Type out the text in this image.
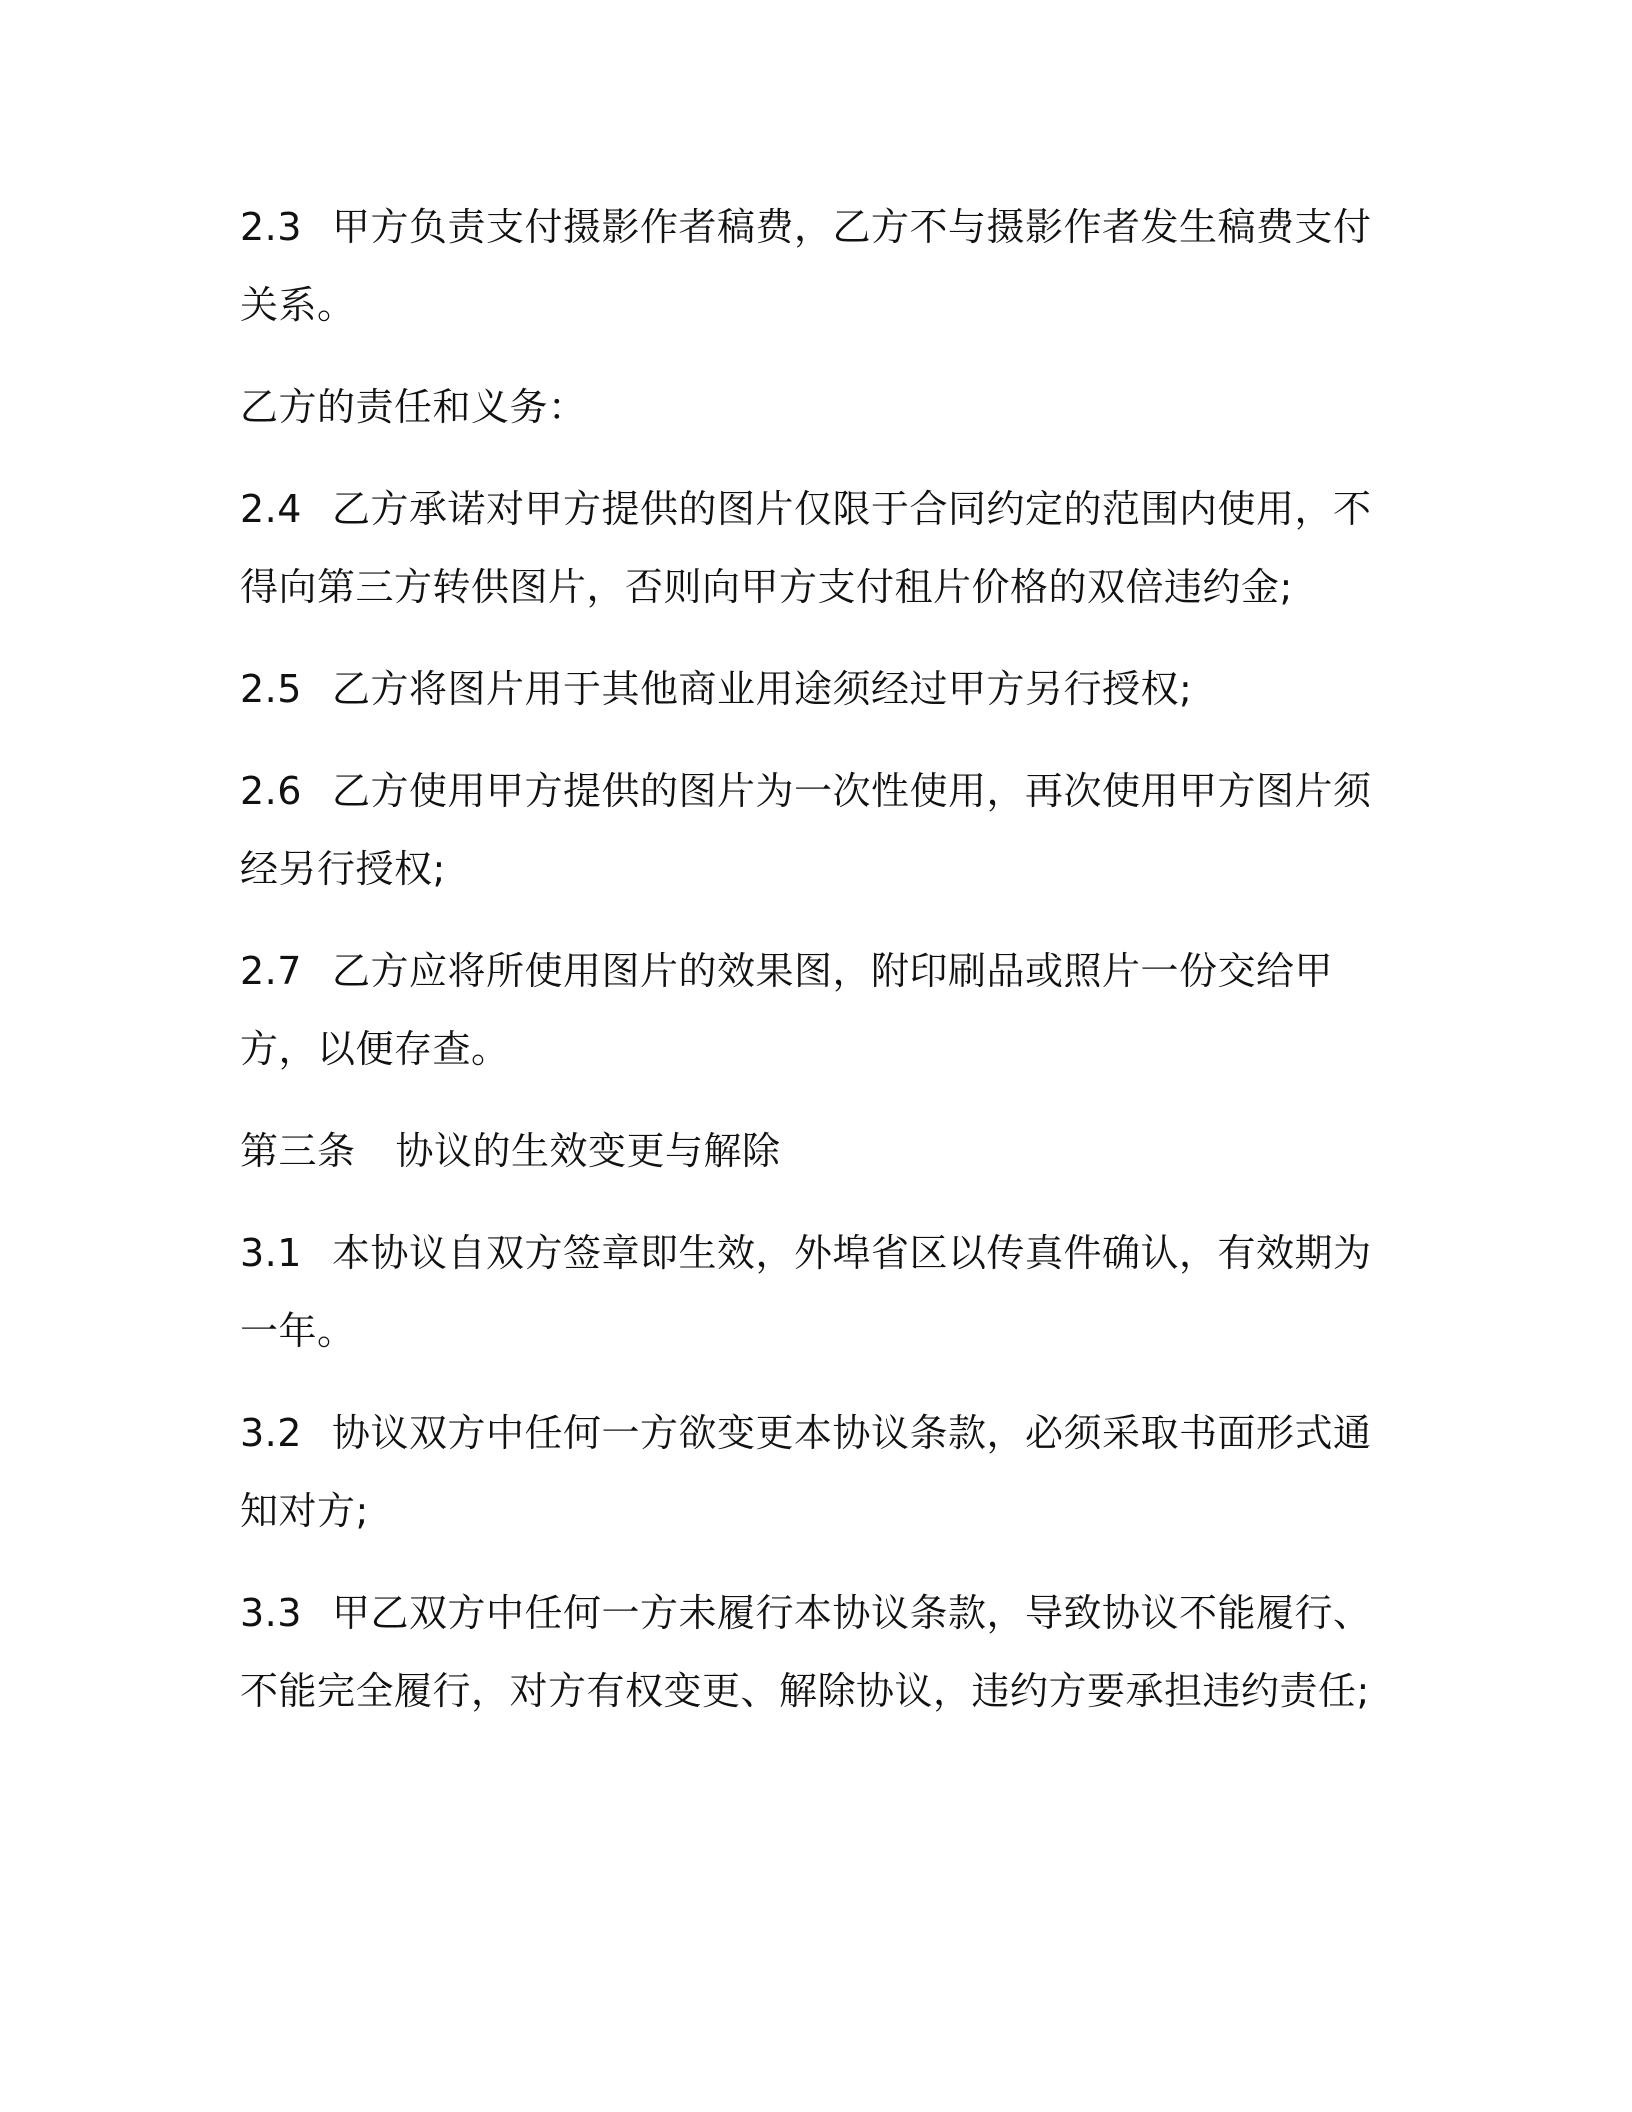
2.3 甲方负责支付摄影作者稿费，乙方不与摄影作者发生稿费支付关系。

乙方的责任和义务：

2.4 乙方承诺对甲方提供的图片仅限于合同约定的范围内使用，不得向第三方转供图片，否则向甲方支付租片价格的双倍违约金;

2.5 乙方将图片用于其他商业用途须经过甲方另行授权;

2.6 乙方使用甲方提供的图片为一次性使用，再次使用甲方图片须经另行授权;

2.7 乙方应将所使用图片的效果图，附印刷品或照片一份交给甲方，以便存查。

第三条 协议的生效变更与解除

3.1 本协议自双方签章即生效，外埠省区以传真件确认，有效期为一年。

3.2 协议双方中任何一方欲变更本协议条款，必须采取书面形式通知对方;

3.3 甲乙双方中任何一方未履行本协议条款，导致协议不能履行、不能完全履行，对方有权变更、解除协议，违约方要承担违约责任;
